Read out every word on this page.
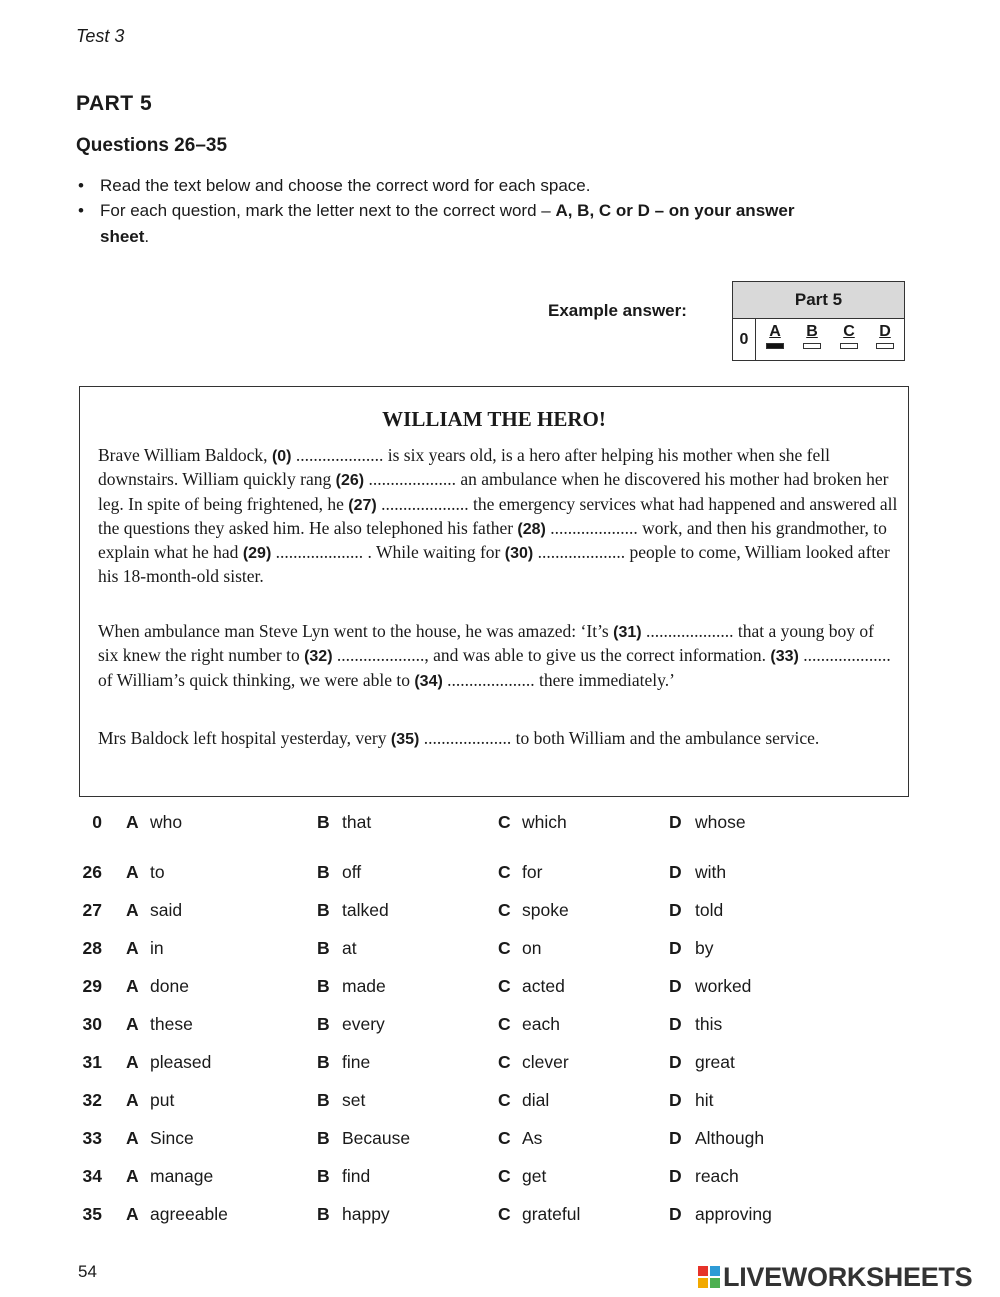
Test 3
PART 5
Questions 26–35
• Read the text below and choose the correct word for each space.
• For each question, mark the letter next to the correct word – A, B, C or D – on your answer sheet.
Example answer:
Part 5
0	A	B	C	D
WILLIAM THE HERO!
Brave William Baldock, (0) .................... is six years old, is a hero after helping his mother when she fell downstairs. William quickly rang (26) .................... an ambulance when he discovered his mother had broken her leg. In spite of being frightened, he (27) .................... the emergency services what had happened and answered all the questions they asked him. He also telephoned his father (28) .................... work, and then his grandmother, to explain what he had (29) .................... . While waiting for (30) .................... people to come, William looked after his 18-month-old sister.
When ambulance man Steve Lyn went to the house, he was amazed: ‘It’s (31) .................... that a young boy of six knew the right number to (32) ...................., and was able to give us the correct information. (33) .................... of William’s quick thinking, we were able to (34) .................... there immediately.’
Mrs Baldock left hospital yesterday, very (35) .................... to both William and the ambulance service.
0 A who	B that	C which	D whose
26 A to	B off	C for	D with
27 A said	B talked	C spoke	D told
28 A in	B at	C on	D by
29 A done	B made	C acted	D worked
30 A these	B every	C each	D this
31 A pleased	B fine	C clever	D great
32 A put	B set	C dial	D hit
33 A Since	B Because	C As	D Although
34 A manage	B find	C get	D reach
35 A agreeable	B happy	C grateful	D approving
54	LIVEWORKSHEETS
